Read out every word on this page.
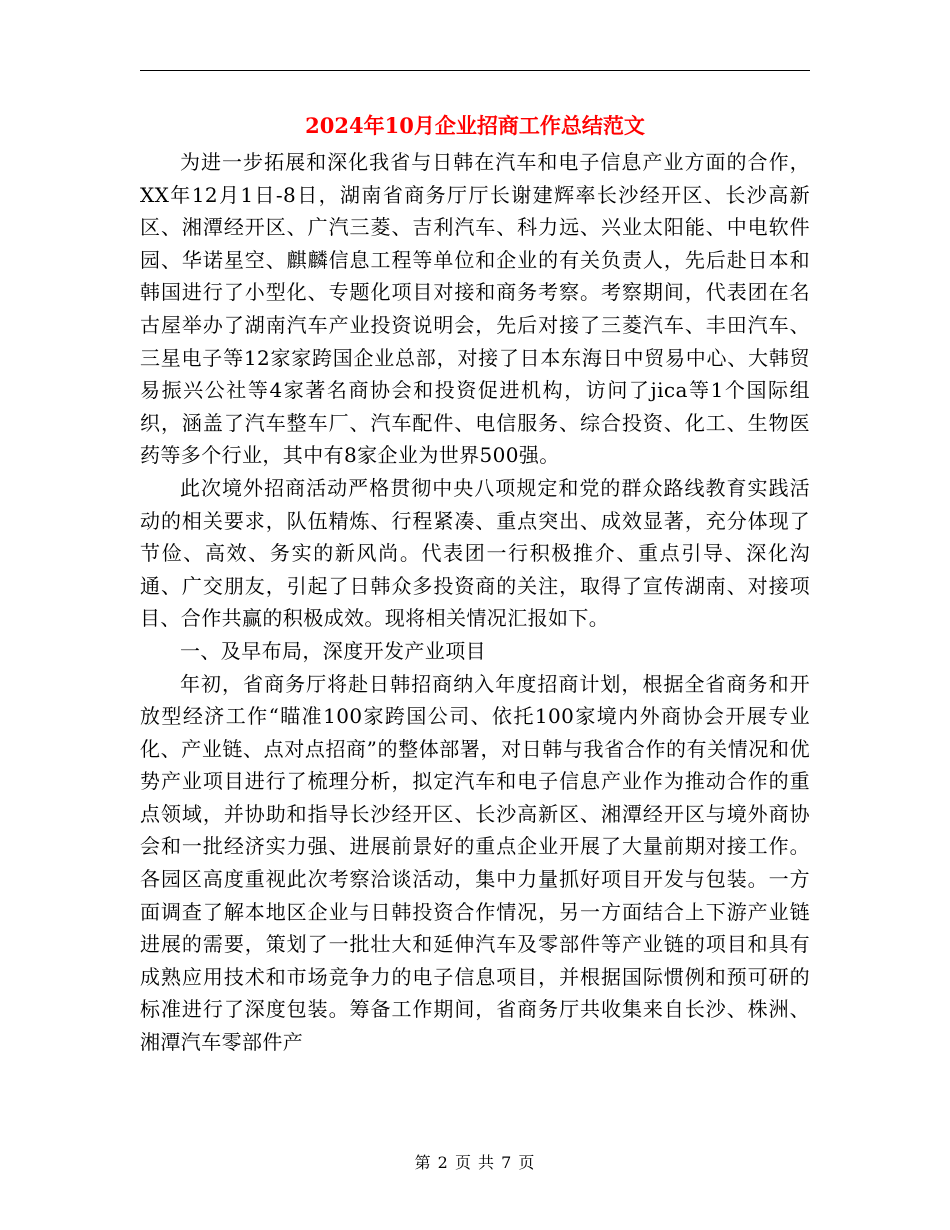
2024年10月企业招商工作总结范文

为进一步拓展和深化我省与日韩在汽车和电子信息产业方面的合作，XX年12月1日-8日，湖南省商务厅厅长谢建辉率长沙经开区、长沙高新区、湘潭经开区、广汽三菱、吉利汽车、科力远、兴业太阳能、中电软件园、华诺星空、麒麟信息工程等单位和企业的有关负责人，先后赴日本和韩国进行了小型化、专题化项目对接和商务考察。考察期间，代表团在名古屋举办了湖南汽车产业投资说明会，先后对接了三菱汽车、丰田汽车、三星电子等12家家跨国企业总部，对接了日本东海日中贸易中心、大韩贸易振兴公社等4家著名商协会和投资促进机构，访问了jica等1个国际组织，涵盖了汽车整车厂、汽车配件、电信服务、综合投资、化工、生物医药等多个行业，其中有8家企业为世界500强。

此次境外招商活动严格贯彻中央八项规定和党的群众路线教育实践活动的相关要求，队伍精炼、行程紧凑、重点突出、成效显著，充分体现了节俭、高效、务实的新风尚。代表团一行积极推介、重点引导、深化沟通、广交朋友，引起了日韩众多投资商的关注，取得了宣传湖南、对接项目、合作共赢的积极成效。现将相关情况汇报如下。

一、及早布局，深度开发产业项目

年初，省商务厅将赴日韩招商纳入年度招商计划，根据全省商务和开放型经济工作“瞄准100家跨国公司、依托100家境内外商协会开展专业化、产业链、点对点招商”的整体部署，对日韩与我省合作的有关情况和优势产业项目进行了梳理分析，拟定汽车和电子信息产业作为推动合作的重点领域，并协助和指导长沙经开区、长沙高新区、湘潭经开区与境外商协会和一批经济实力强、进展前景好的重点企业开展了大量前期对接工作。各园区高度重视此次考察洽谈活动，集中力量抓好项目开发与包装。一方面调查了解本地区企业与日韩投资合作情况，另一方面结合上下游产业链进展的需要，策划了一批壮大和延伸汽车及零部件等产业链的项目和具有成熟应用技术和市场竞争力的电子信息项目，并根据国际惯例和预可研的标准进行了深度包装。筹备工作期间，省商务厅共收集来自长沙、株洲、湘潭汽车零部件产

第 2 页 共 7 页
